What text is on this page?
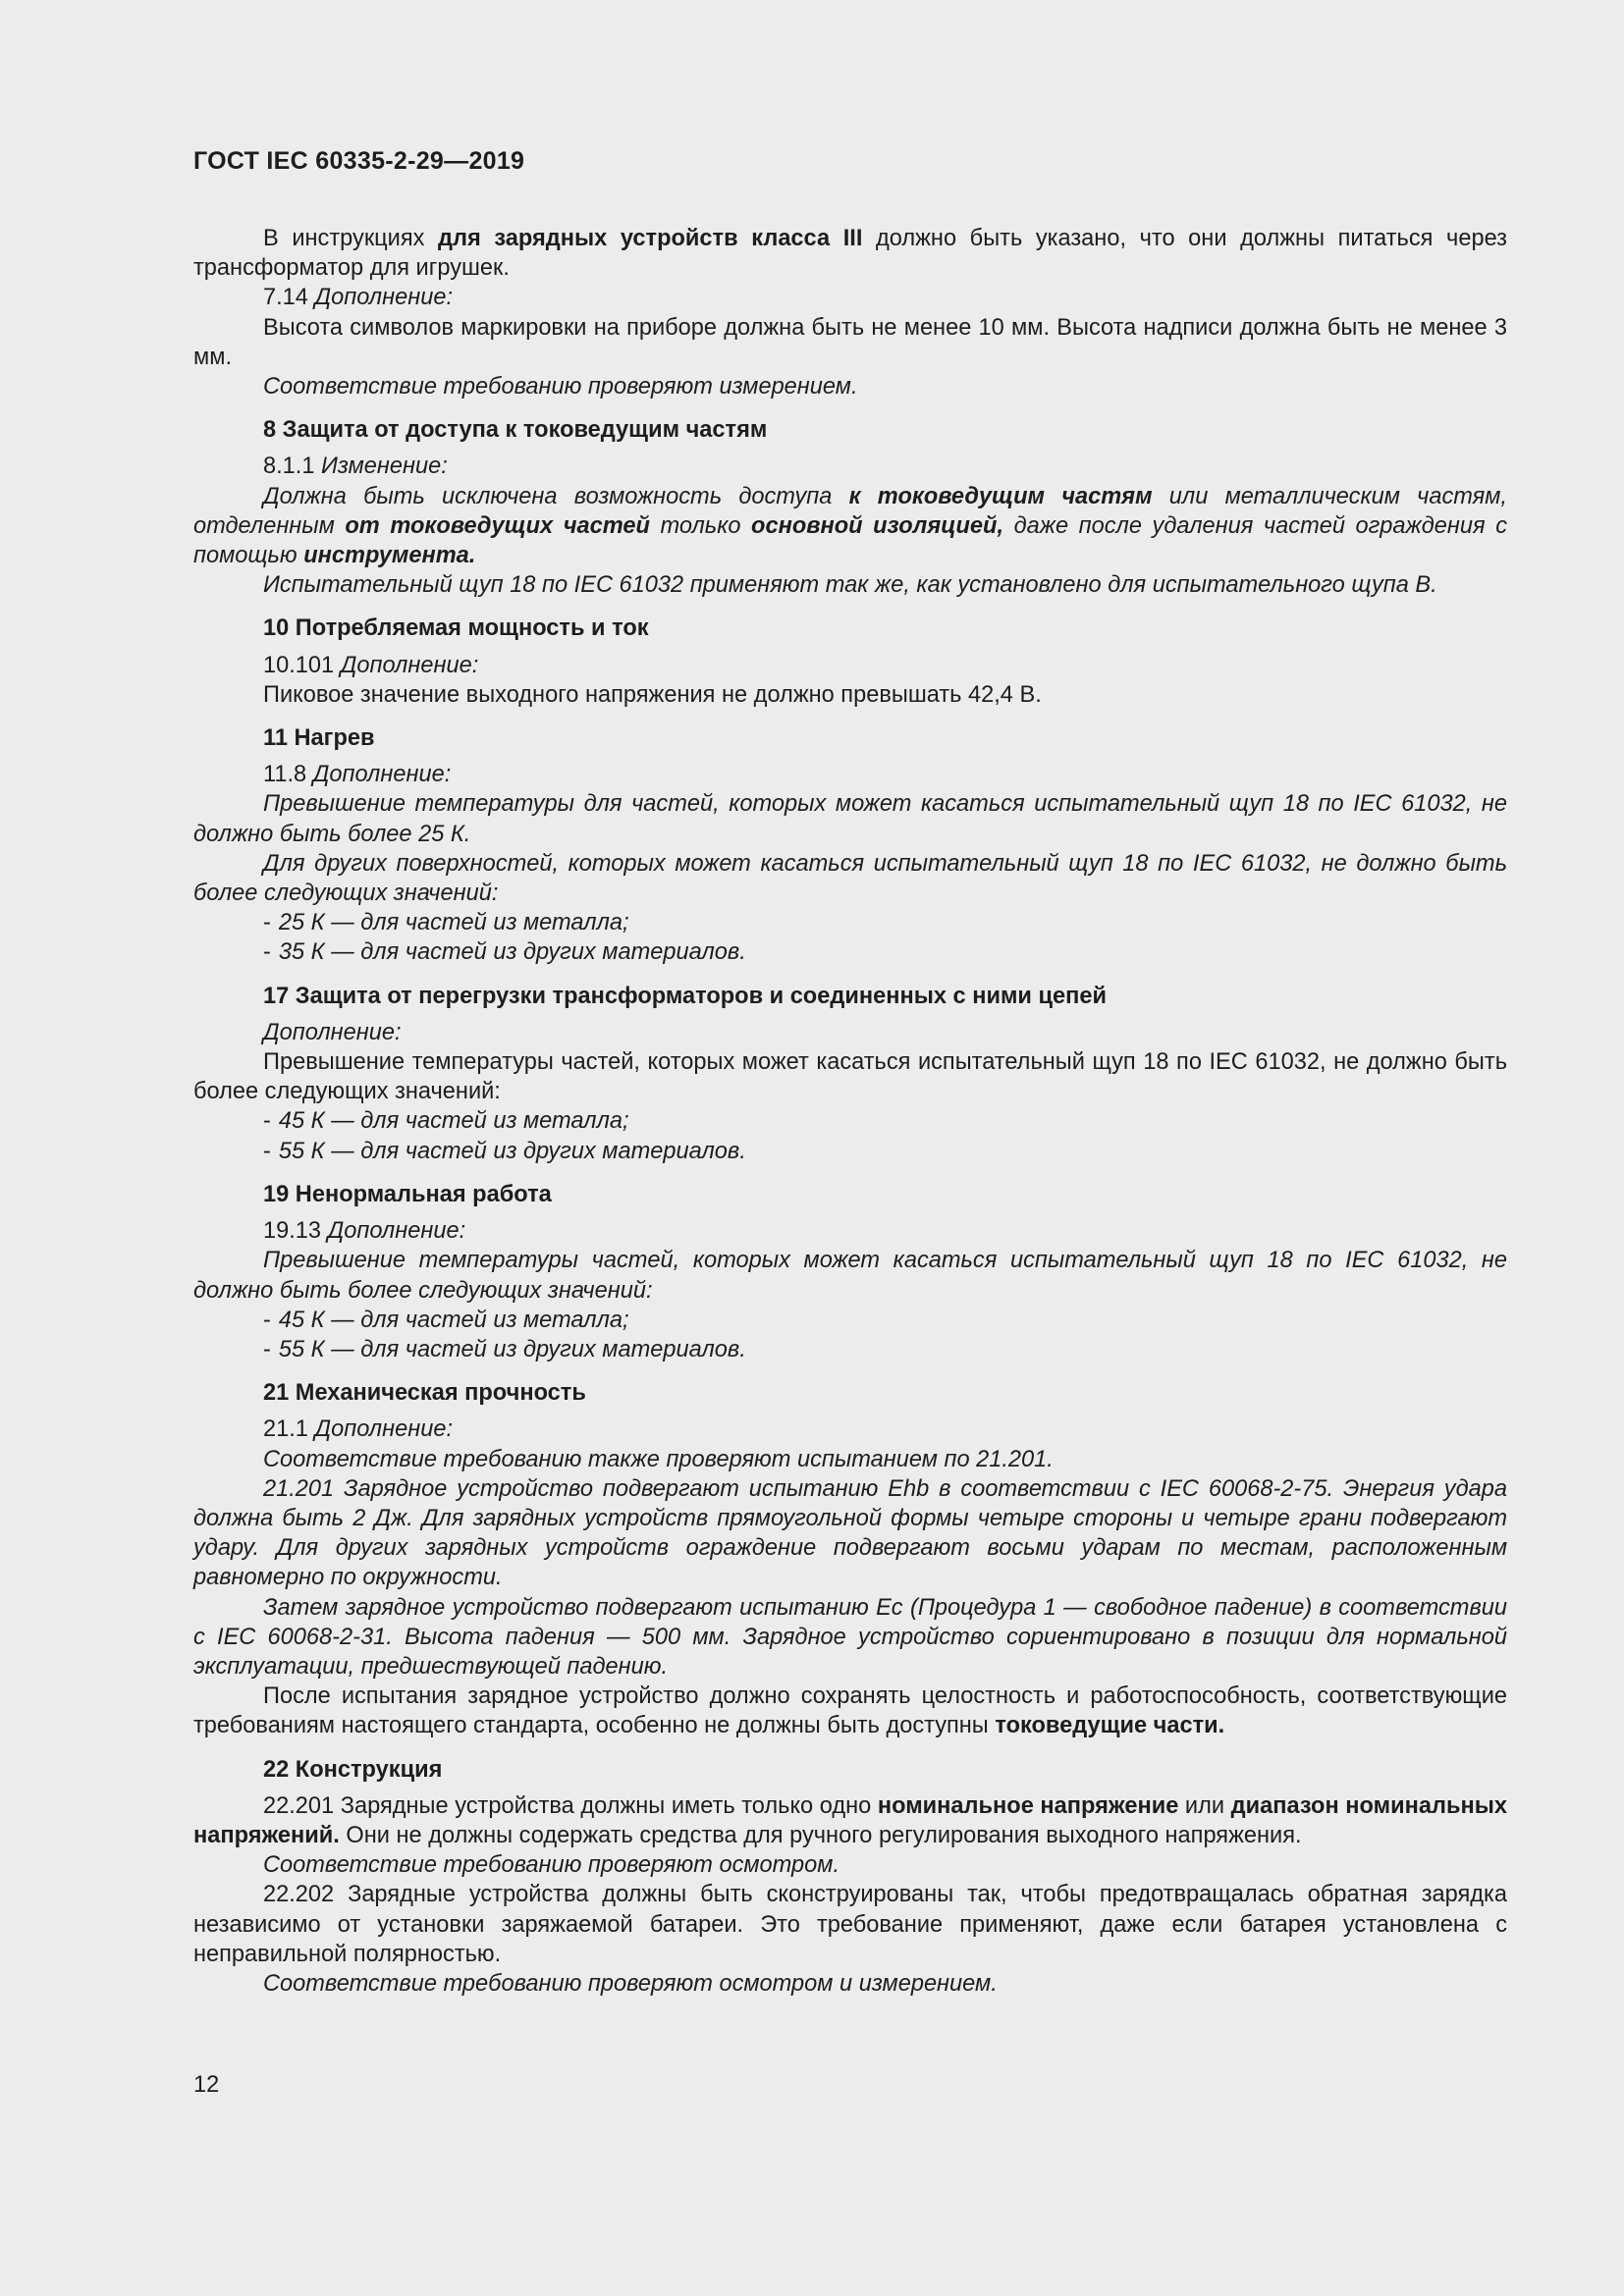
ГОСТ IEC 60335-2-29—2019

В инструкциях для зарядных устройств класса III должно быть указано, что они должны питаться через трансформатор для игрушек.

7.14 Дополнение:

Высота символов маркировки на приборе должна быть не менее 10 мм. Высота надписи должна быть не менее 3 мм.

Соответствие требованию проверяют измерением.

8 Защита от доступа к токоведущим частям

8.1.1 Изменение:

Должна быть исключена возможность доступа к токоведущим частям или металлическим частям, отделенным от токоведущих частей только основной изоляцией, даже после удаления частей ограждения с помощью инструмента.

Испытательный щуп 18 по IEC 61032 применяют так же, как установлено для испытательного щупа B.

10 Потребляемая мощность и ток

10.101 Дополнение:

Пиковое значение выходного напряжения не должно превышать 42,4 В.

11 Нагрев

11.8 Дополнение:

Превышение температуры для частей, которых может касаться испытательный щуп 18 по IEC 61032, не должно быть более 25 К.

Для других поверхностей, которых может касаться испытательный щуп 18 по IEC 61032, не должно быть более следующих значений:

- 25 К — для частей из металла;

- 35 К — для частей из других материалов.

17 Защита от перегрузки трансформаторов и соединенных с ними цепей

Дополнение:

Превышение температуры частей, которых может касаться испытательный щуп 18 по IEC 61032, не должно быть более следующих значений:

- 45 К — для частей из металла;

- 55 К — для частей из других материалов.

19 Ненормальная работа

19.13 Дополнение:

Превышение температуры частей, которых может касаться испытательный щуп 18 по IEC 61032, не должно быть более следующих значений:

- 45 К — для частей из металла;

- 55 К — для частей из других материалов.

21 Механическая прочность

21.1 Дополнение:

Соответствие требованию также проверяют испытанием по 21.201.

21.201 Зарядное устройство подвергают испытанию Ehb в соответствии с IEC 60068-2-75. Энергия удара должна быть 2 Дж. Для зарядных устройств прямоугольной формы четыре стороны и четыре грани подвергают удару. Для других зарядных устройств ограждение подвергают восьми ударам по местам, расположенным равномерно по окружности.

Затем зарядное устройство подвергают испытанию Ec (Процедура 1 — свободное падение) в соответствии с IEC 60068-2-31. Высота падения — 500 мм. Зарядное устройство сориентировано в позиции для нормальной эксплуатации, предшествующей падению.

После испытания зарядное устройство должно сохранять целостность и работоспособность, соответствующие требованиям настоящего стандарта, особенно не должны быть доступны токоведущие части.

22 Конструкция

22.201 Зарядные устройства должны иметь только одно номинальное напряжение или диапазон номинальных напряжений. Они не должны содержать средства для ручного регулирования выходного напряжения.

Соответствие требованию проверяют осмотром.

22.202 Зарядные устройства должны быть сконструированы так, чтобы предотвращалась обратная зарядка независимо от установки заряжаемой батареи. Это требование применяют, даже если батарея установлена с неправильной полярностью.

Соответствие требованию проверяют осмотром и измерением.

12
